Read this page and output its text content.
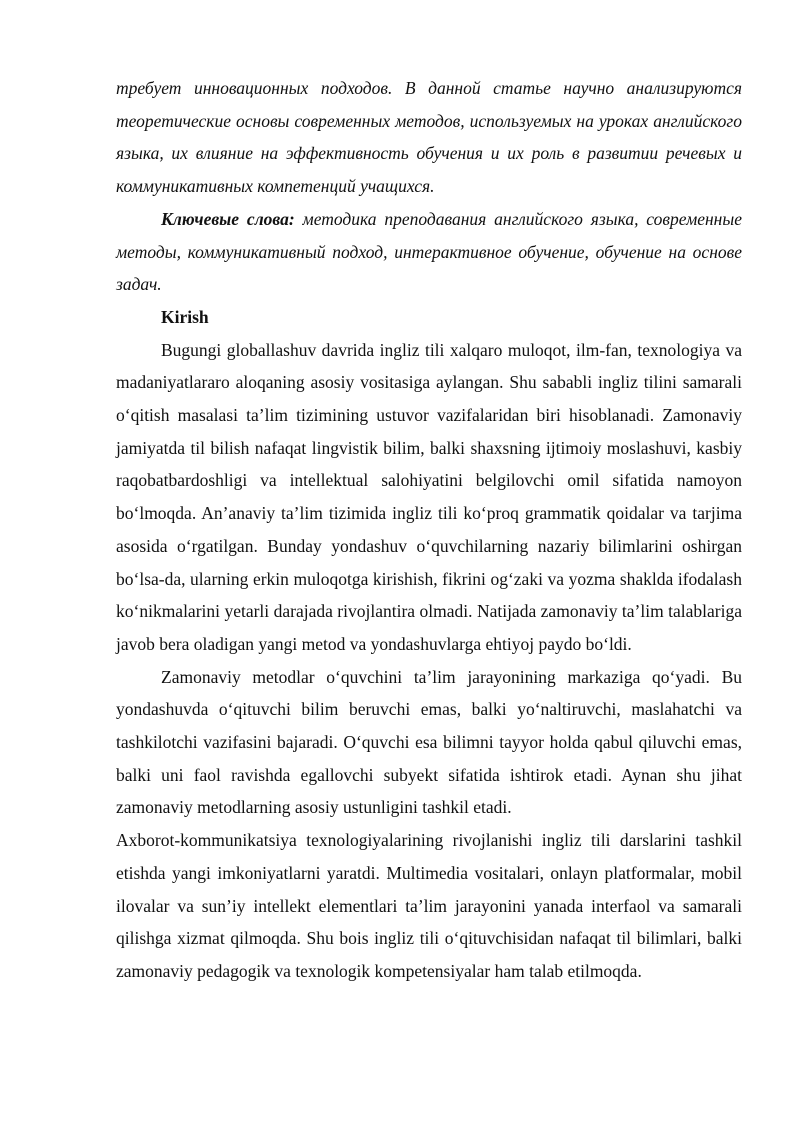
требует инновационных подходов. В данной статье научно анализируются теоретические основы современных методов, используемых на уроках английского языка, их влияние на эффективность обучения и их роль в развитии речевых и коммуникативных компетенций учащихся.

Ключевые слова: методика преподавания английского языка, современные методы, коммуникативный подход, интерактивное обучение, обучение на основе задач.

Kirish

Bugungi globallashuv davrida ingliz tili xalqaro muloqot, ilm-fan, texnologiya va madaniyatlararo aloqaning asosiy vositasiga aylangan. Shu sababli ingliz tilini samarali o‘qitish masalasi ta’lim tizimining ustuvor vazifalaridan biri hisoblanadi. Zamonaviy jamiyatda til bilish nafaqat lingvistik bilim, balki shaxsning ijtimoiy moslashuvi, kasbiy raqobatbardoshligi va intellektual salohiyatini belgilovchi omil sifatida namoyon bo‘lmoqda. An’anaviy ta’lim tizimida ingliz tili ko‘proq grammatik qoidalar va tarjima asosida o‘rgatilgan. Bunday yondashuv o‘quvchilarning nazariy bilimlarini oshirgan bo‘lsa-da, ularning erkin muloqotga kirishish, fikrini og‘zaki va yozma shaklda ifodalash ko‘nikmalarini yetarli darajada rivojlantira olmadi. Natijada zamonaviy ta’lim talablariga javob bera oladigan yangi metod va yondashuvlarga ehtiyoj paydo bo‘ldi.

Zamonaviy metodlar o‘quvchini ta’lim jarayonining markaziga qo‘yadi. Bu yondashuvda o‘qituvchi bilim beruvchi emas, balki yo‘naltiruvchi, maslahatchi va tashkilotchi vazifasini bajaradi. O‘quvchi esa bilimni tayyor holda qabul qiluvchi emas, balki uni faol ravishda egallovchi subyekt sifatida ishtirok etadi. Aynan shu jihat zamonaviy metodlarning asosiy ustunligini tashkil etadi.

Axborot-kommunikatsiya texnologiyalarining rivojlanishi ingliz tili darslarini tashkil etishda yangi imkoniyatlarni yaratdi. Multimedia vositalari, onlayn platformalar, mobil ilovalar va sun’iy intellekt elementlari ta’lim jarayonini yanada interfaol va samarali qilishga xizmat qilmoqda. Shu bois ingliz tili o‘qituvchisidan nafaqat til bilimlari, balki zamonaviy pedagogik va texnologik kompetensiyalar ham talab etilmoqda.
